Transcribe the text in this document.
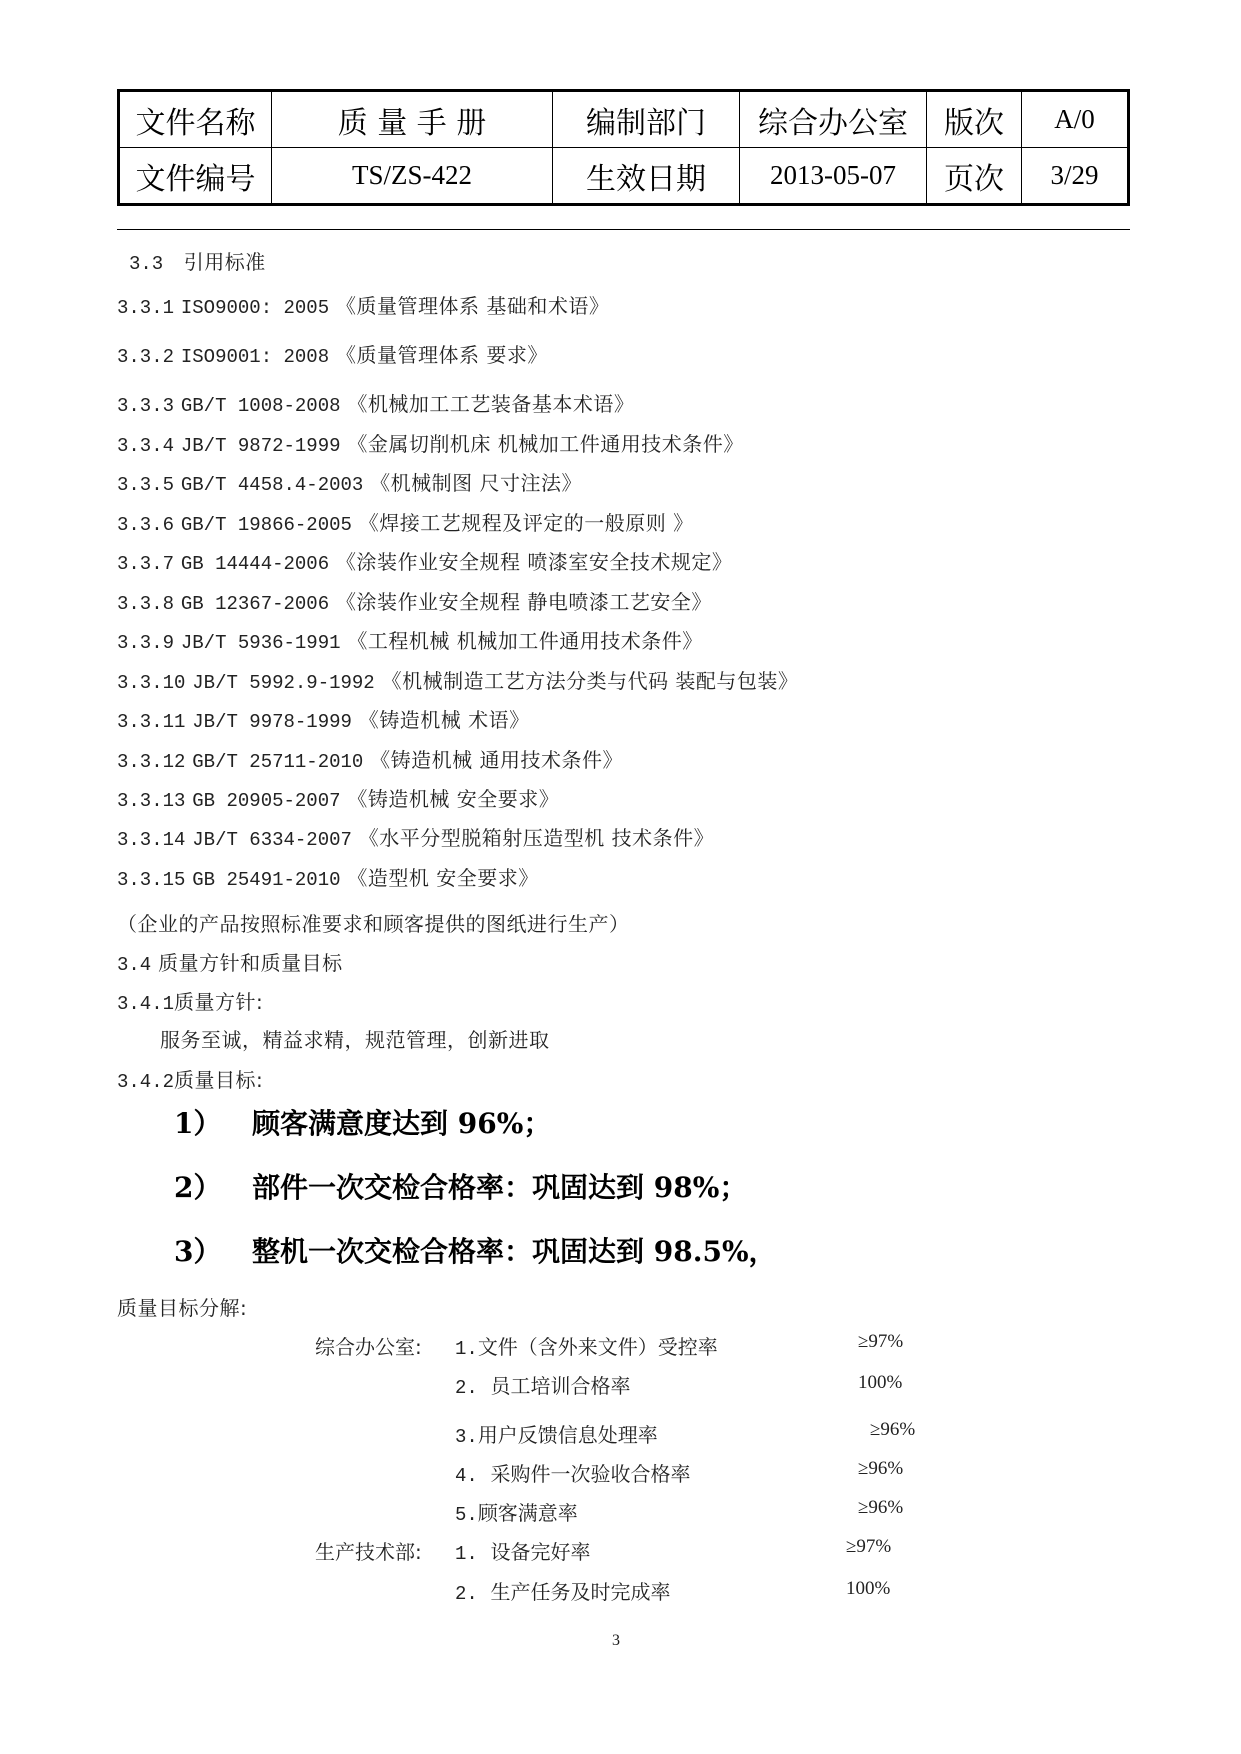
文件名称	质 量 手 册	编制部门	综合办公室	版次	A/0
文件编号	TS/ZS-422	生效日期	2013-05-07	页次	3/29
3.3 引用标准
3.3.1 ISO9000: 2005 《质量管理体系 基础和术语》
3.3.2 ISO9001: 2008 《质量管理体系 要求》
3.3.3 GB/T 1008-2008 《机械加工工艺装备基本术语》
3.3.4 JB/T 9872-1999 《金属切削机床 机械加工件通用技术条件》
3.3.5 GB/T 4458.4-2003 《机械制图 尺寸注法》
3.3.6 GB/T 19866-2005 《焊接工艺规程及评定的一般原则 》
3.3.7 GB 14444-2006 《涂装作业安全规程 喷漆室安全技术规定》
3.3.8 GB 12367-2006 《涂装作业安全规程 静电喷漆工艺安全》
3.3.9 JB/T 5936-1991 《工程机械 机械加工件通用技术条件》
3.3.10 JB/T 5992.9-1992 《机械制造工艺方法分类与代码 装配与包装》
3.3.11 JB/T 9978-1999 《铸造机械 术语》
3.3.12 GB/T 25711-2010 《铸造机械 通用技术条件》
3.3.13 GB 20905-2007 《铸造机械 安全要求》
3.3.14 JB/T 6334-2007 《水平分型脱箱射压造型机 技术条件》
3.3.15 GB 25491-2010 《造型机 安全要求》
（企业的产品按照标准要求和顾客提供的图纸进行生产）
3.4 质量方针和质量目标
3.4.1质量方针:
服务至诚，精益求精，规范管理，创新进取
3.4.2质量目标:
1） 顾客满意度达到 96%；
2） 部件一次交检合格率：巩固达到 98%；
3） 整机一次交检合格率：巩固达到 98.5%，
质量目标分解:
综合办公室: 1.文件（含外来文件）受控率	≥97%
2. 员工培训合格率	100%
3.用户反馈信息处理率	≥96%
4. 采购件一次验收合格率	≥96%
5.顾客满意率	≥96%
生产技术部: 1. 设备完好率	≥97%
2. 生产任务及时完成率	100%
3
